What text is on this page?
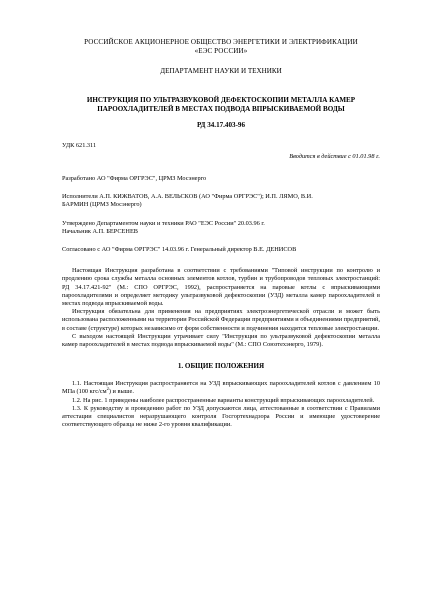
РОССИЙСКОЕ АКЦИОНЕРНОЕ ОБЩЕСТВО ЭНЕРГЕТИКИ И ЭЛЕКТРИФИКАЦИИ
«ЕЭС РОССИИ»
ДЕПАРТАМЕНТ НАУКИ И ТЕХНИКИ
ИНСТРУКЦИЯ ПО УЛЬТРАЗВУКОВОЙ ДЕФЕКТОСКОПИИ МЕТАЛЛА КАМЕР
ПАРООХЛАДИТЕЛЕЙ В МЕСТАХ ПОДВОДА ВПРЫСКИВАЕМОЙ ВОДЫ
РД 34.17.403-96
УДК 621.311
Вводится в действие с 01.01.98 г.
Разработано АО "Фирма ОРГРЭС", ЦРМЗ Мосэнерго
Исполнители А.П. КИЖВАТОВ, А.А. ВЕЛЬСКОВ (АО "Фирма ОРГРЭС"); И.П. ЛЯМО, В.И.
БАРМИН (ЦРМЗ Мосэнерго)
Утверждено Департаментом науки и техники РАО "ЕЭС России" 20.03.96 г.
Начальник А.П. БЕРСЕНЕВ
Согласовано с АО "Фирма ОРГРЭС" 14.03.96 г. Генеральный директор В.Е. ДЕНИСОВ

Настоящая Инструкция разработана в соответствии с требованиями "Типовой инструкции по контролю и продлению срока службы металла основных элементов котлов, турбин и трубопроводов тепловых электростанций: РД 34.17.421-92" (М.: СПО ОРГРЭС, 1992), распространяется на паровые котлы с впрыскивающими пароохладителями и определяет методику ультразвуковой дефектоскопии (УЗД) металла камер пароохладителей в местах подвода впрыскиваемой воды.

Инструкция обязательна для применения на предприятиях электроэнергетической отрасли и может быть использована расположенными на территории Российской Федерации предприятиями и объединениями предприятий, в составе (структуре) которых независимо от форм собственности и подчинения находятся тепловые электростанции.

С выходом настоящей Инструкции утрачивает силу "Инструкция по ультразвуковой дефектоскопии металла камер пароохладителей в местах подвода впрыскиваемой воды" (М.: СПО Союзтехэнерго, 1979).

1. ОБЩИЕ ПОЛОЖЕНИЯ

1.1. Настоящая Инструкция распространяется на УЗД впрыскивающих пароохладителей котлов с давлением 10 МПа (100 кгс/$см^2$) и выше.

1.2. На рис. 1 приведены наиболее распространенные варианты конструкций впрыскивающих пароохладителей.

1.3. К руководству и проведению работ по УЗД допускаются лица, аттестованные в соответствии с Правилами аттестации специалистов неразрушающего контроля Госгортехнадзора России и имеющие удостоверение соответствующего образца не ниже 2-го уровня квалификации.
